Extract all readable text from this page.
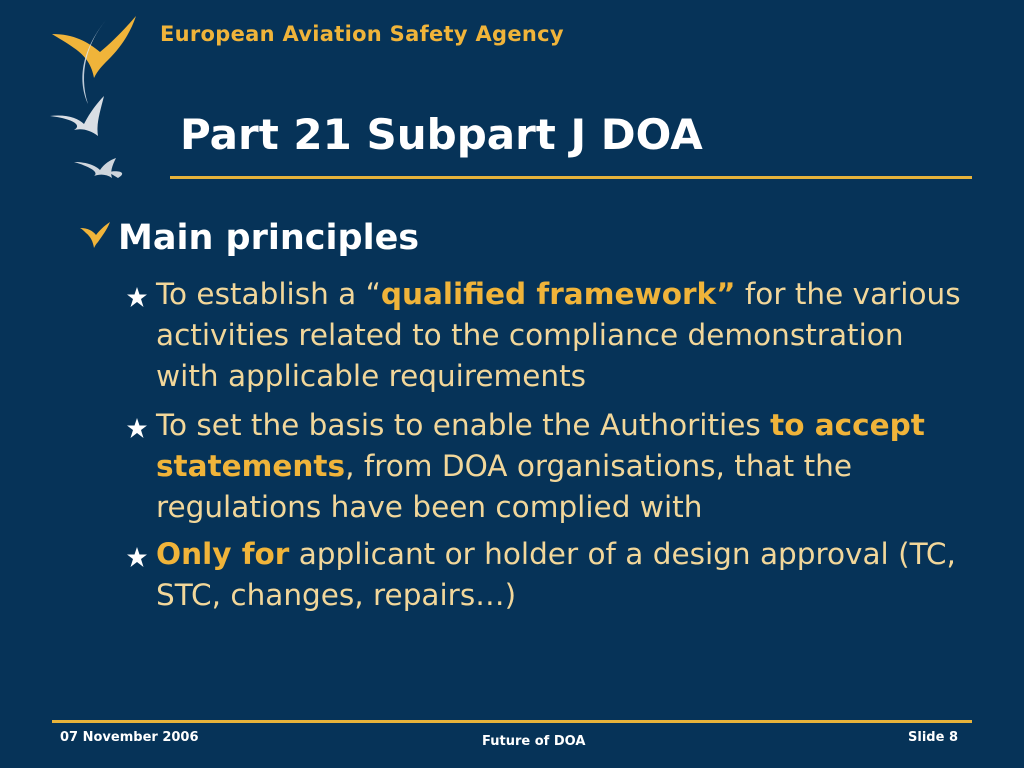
European Aviation Safety Agency
Part 21 Subpart J DOA
Main principles
To establish a “qualified framework” for the various activities related to the compliance demonstration with applicable requirements
To set the basis to enable the Authorities to accept statements, from DOA organisations, that the regulations have been complied with
Only for applicant or holder of a design approval (TC, STC, changes, repairs…)
07 November 2006	Future of DOA	Slide 8
